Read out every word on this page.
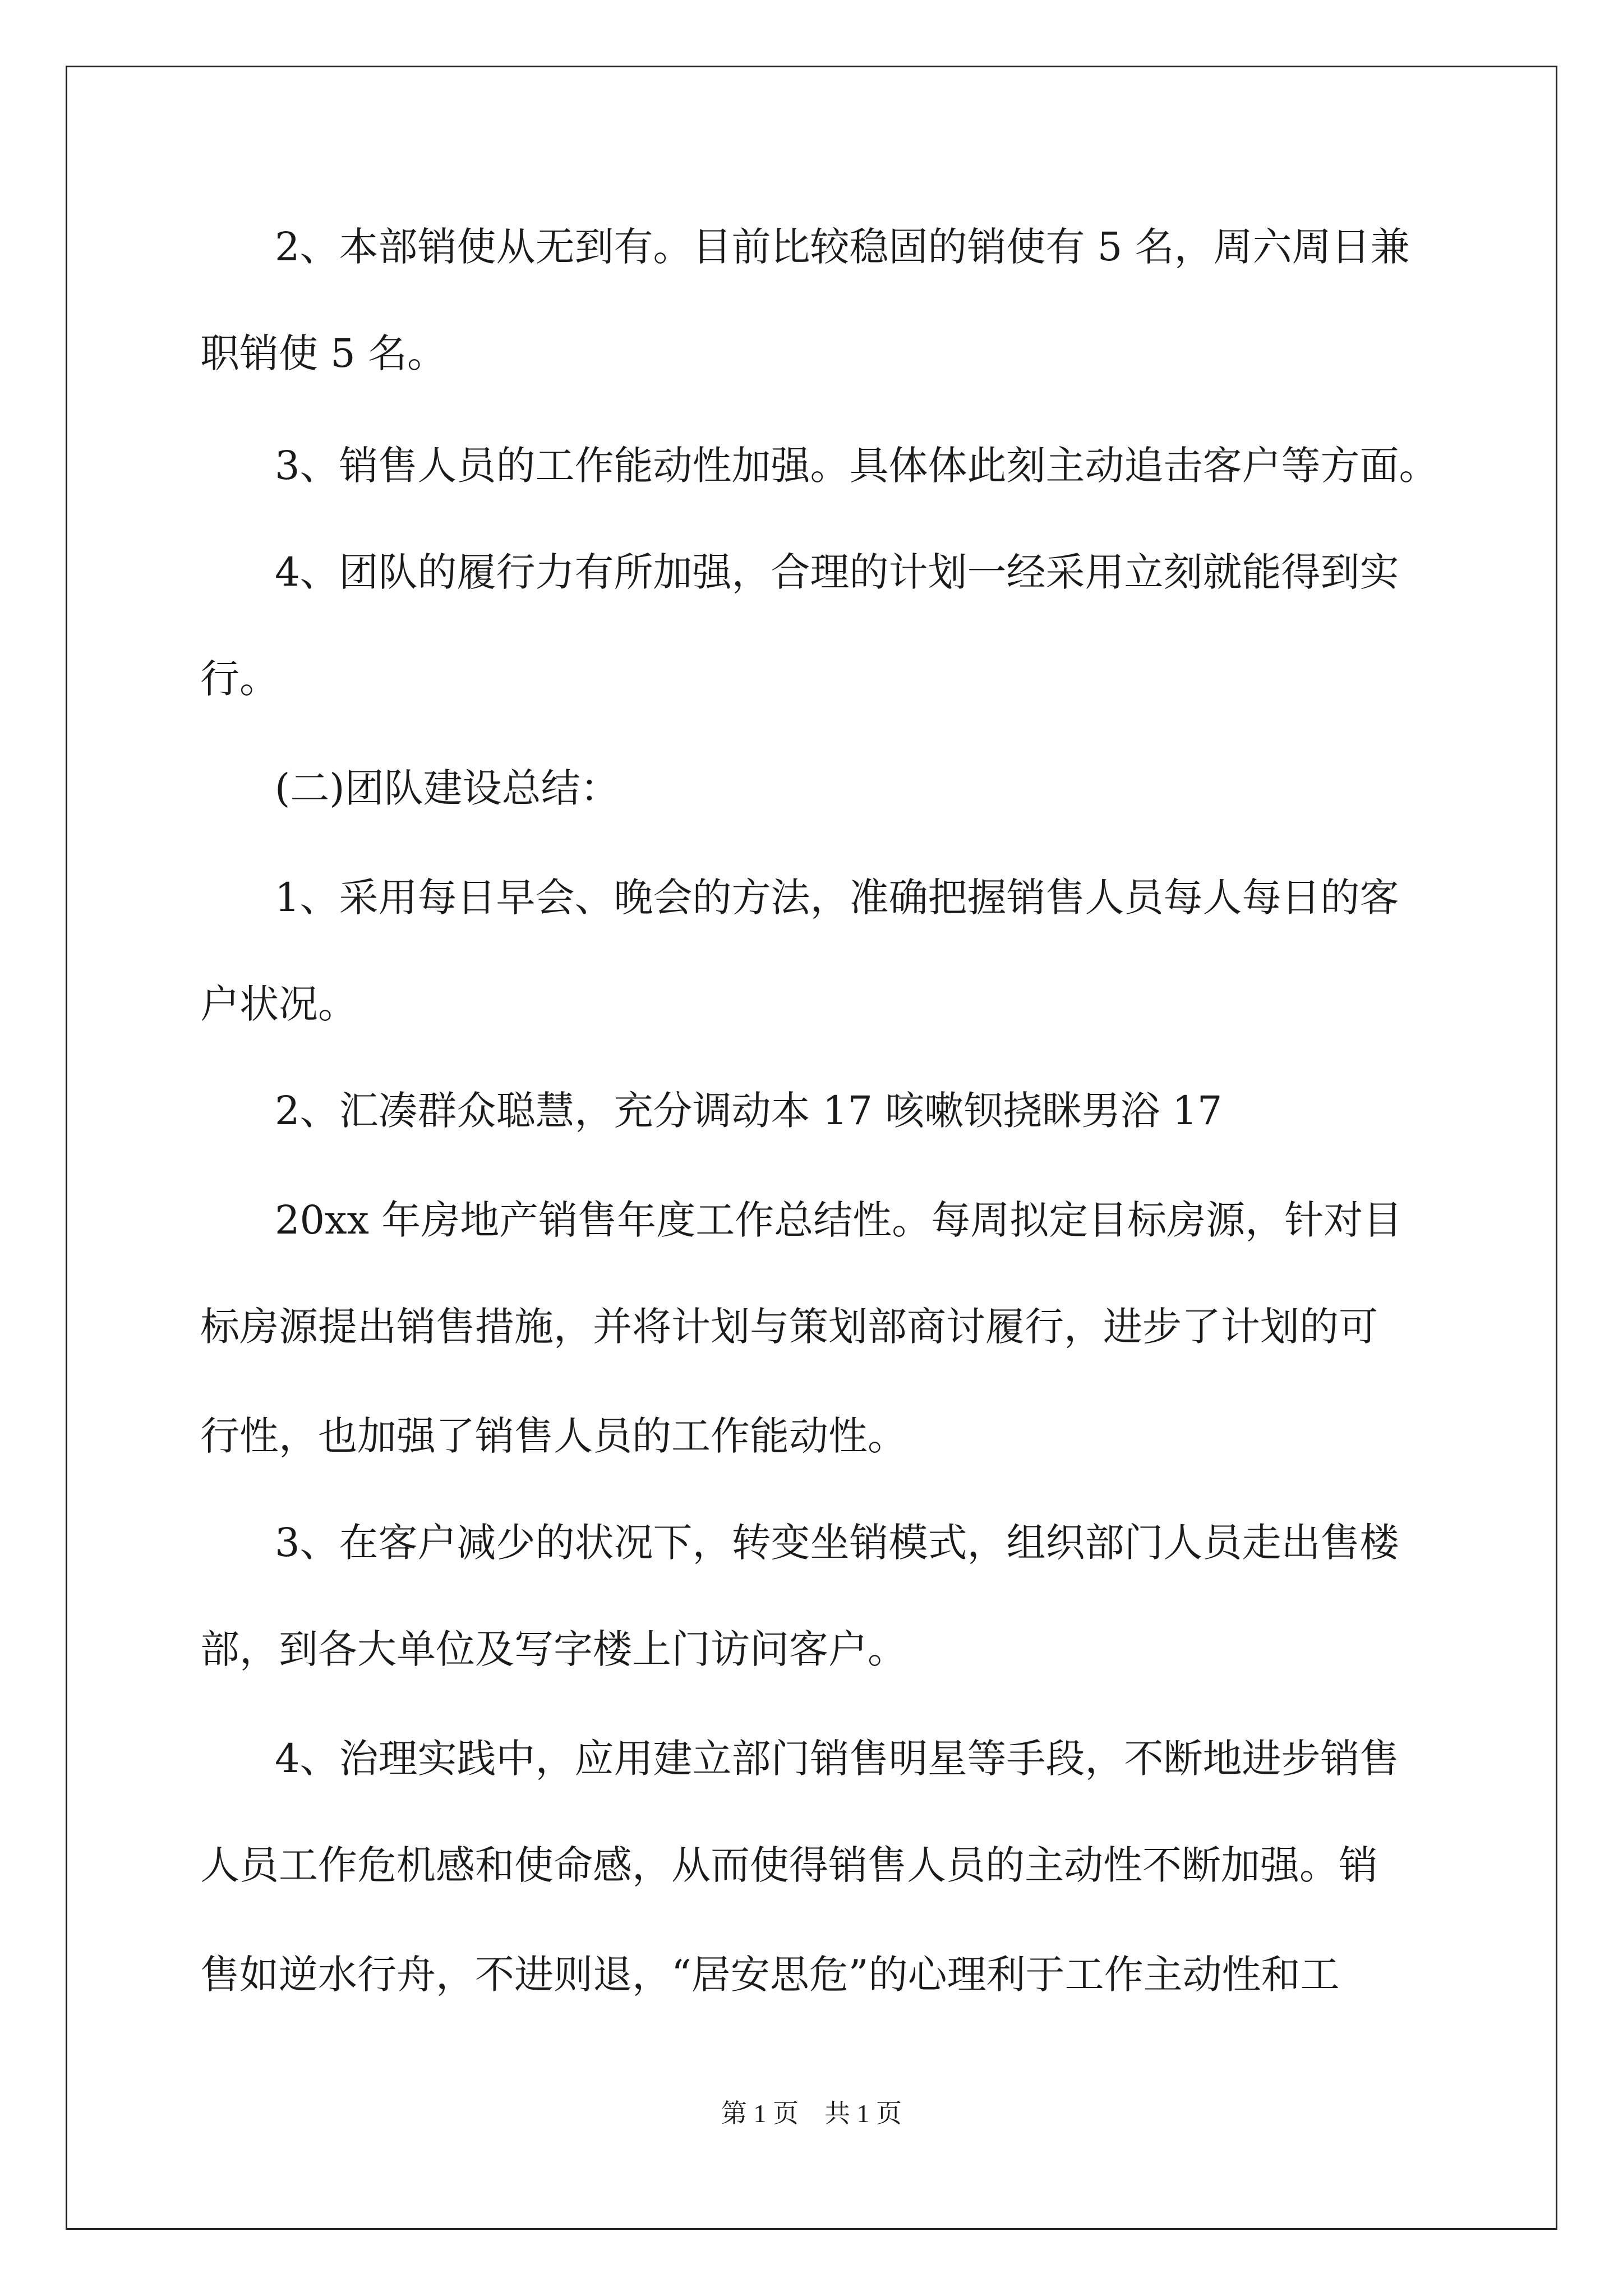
2、本部销使从无到有。目前比较稳固的销使有 5 名，周六周日兼

职销使 5 名。

3、销售人员的工作能动性加强。具体体此刻主动追击客户等方面。

4、团队的履行力有所加强，合理的计划一经采用立刻就能得到实

行。

(二)团队建设总结：

1、采用每日早会、晚会的方法，准确把握销售人员每人每日的客

户状况。

2、汇凑群众聪慧，充分调动本 17 咳嗽钡挠眯男浴 17

20xx 年房地产销售年度工作总结性。每周拟定目标房源，针对目

标房源提出销售措施，并将计划与策划部商讨履行，进步了计划的可

行性，也加强了销售人员的工作能动性。

3、在客户减少的状况下，转变坐销模式，组织部门人员走出售楼

部，到各大单位及写字楼上门访问客户。

4、治理实践中，应用建立部门销售明星等手段，不断地进步销售

人员工作危机感和使命感，从而使得销售人员的主动性不断加强。销

售如逆水行舟，不进则退，“居安思危”的心理利于工作主动性和工

第 1 页　共 1 页
